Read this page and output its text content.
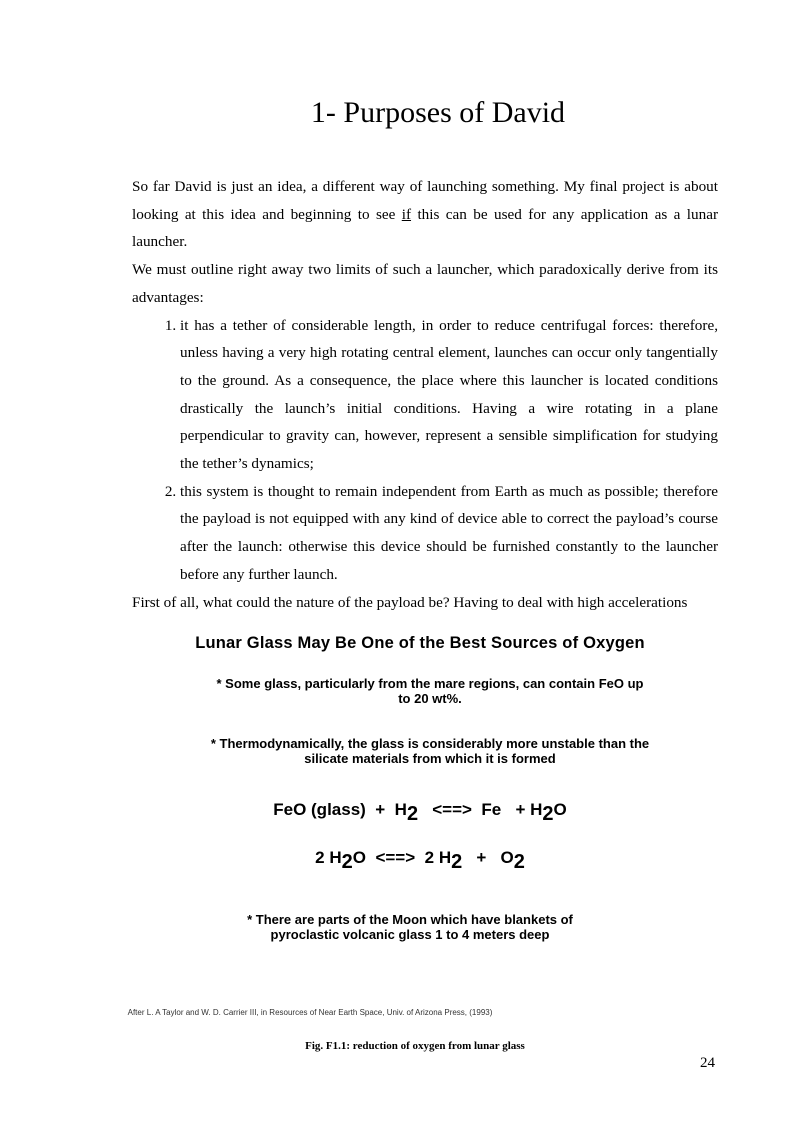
1- Purposes of David

So far David is just an idea, a different way of launching something. My final project is about looking at this idea and beginning to see if this can be used for any application as a lunar launcher.

We must outline right away two limits of such a launcher, which paradoxically derive from its advantages:

1. it has a tether of considerable length, in order to reduce centrifugal forces: therefore, unless having a very high rotating central element, launches can occur only tangentially to the ground. As a consequence, the place where this launcher is located conditions drastically the launch’s initial conditions. Having a wire rotating in a plane perpendicular to gravity can, however, represent a sensible simplification for studying the tether’s dynamics;
2. this system is thought to remain independent from Earth as much as possible; therefore the payload is not equipped with any kind of device able to correct the payload’s course after the launch: otherwise this device should be furnished constantly to the launcher before any further launch.

First of all, what could the nature of the payload be? Having to deal with high accelerations

Lunar Glass May Be One of the Best Sources of Oxygen
* Some glass, particularly from the mare regions, can contain FeO up to 20 wt%.
* Thermodynamically, the glass is considerably more unstable than the silicate materials from which it is formed
FeO (glass) + $H_2$ <==> $Fe + H_2O$
2 $H_2O$ <==> 2 $H_2 + O_2$
* There are parts of the Moon which have blankets of pyroclastic volcanic glass 1 to 4 meters deep
After L. A Taylor and W. D. Carrier III, in Resources of Near Earth Space, Univ. of Arizona Press, (1993)
Fig. F1.1: reduction of oxygen from lunar glass
24
